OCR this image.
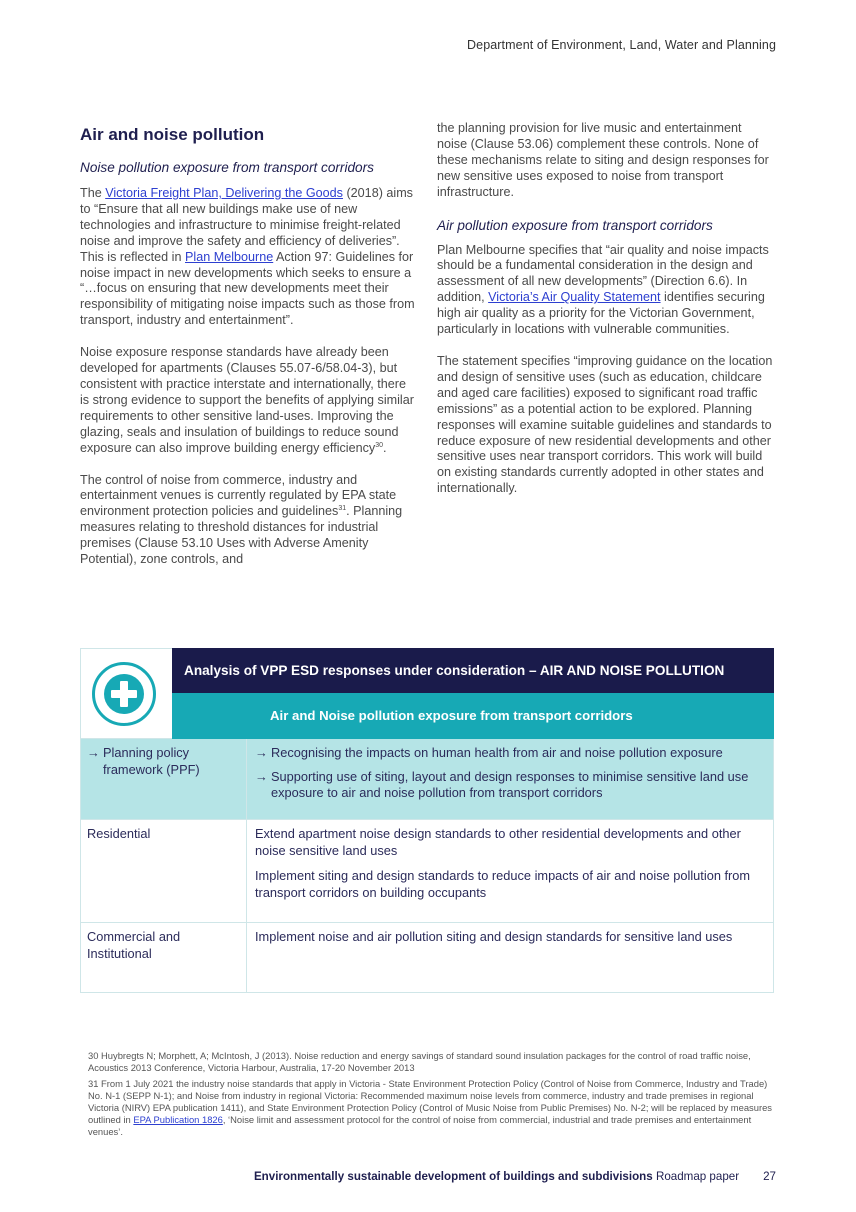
Department of Environment, Land, Water and Planning
Air and noise pollution
Noise pollution exposure from transport corridors

The Victoria Freight Plan, Delivering the Goods (2018) aims to “Ensure that all new buildings make use of new technologies and infrastructure to minimise freight-related noise and improve the safety and efficiency of deliveries”. This is reflected in Plan Melbourne Action 97: Guidelines for noise impact in new developments which seeks to ensure a “…focus on ensuring that new developments meet their responsibility of mitigating noise impacts such as those from transport, industry and entertainment”.

Noise exposure response standards have already been developed for apartments (Clauses 55.07-6/58.04-3), but consistent with practice interstate and internationally, there is strong evidence to support the benefits of applying similar requirements to other sensitive land-uses. Improving the glazing, seals and insulation of buildings to reduce sound exposure can also improve building energy efficiency$^{30}$.

The control of noise from commerce, industry and entertainment venues is currently regulated by EPA state environment protection policies and guidelines$^{31}$. Planning measures relating to threshold distances for industrial premises (Clause 53.10 Uses with Adverse Amenity Potential), zone controls, and

the planning provision for live music and entertainment noise (Clause 53.06) complement these controls. None of these mechanisms relate to siting and design responses for new sensitive uses exposed to noise from transport infrastructure.

Air pollution exposure from transport corridors

Plan Melbourne specifies that “air quality and noise impacts should be a fundamental consideration in the design and assessment of all new developments” (Direction 6.6). In addition, Victoria’s Air Quality Statement identifies securing high air quality as a priority for the Victorian Government, particularly in locations with vulnerable communities.

The statement specifies “improving guidance on the location and design of sensitive uses (such as education, childcare and aged care facilities) exposed to significant road traffic emissions” as a potential action to be explored. Planning responses will examine suitable guidelines and standards to reduce exposure of new residential developments and other sensitive uses near transport corridors. This work will build on existing standards currently adopted in other states and internationally.

Analysis of VPP ESD responses under consideration – AIR AND NOISE POLLUTION
Air and Noise pollution exposure from transport corridors
→ Planning policy framework (PPF)
→ Recognising the impacts on human health from air and noise pollution exposure
→ Supporting use of siting, layout and design responses to minimise sensitive land use exposure to air and noise pollution from transport corridors
Residential	Extend apartment noise design standards to other residential developments and other noise sensitive land uses

Implement siting and design standards to reduce impacts of air and noise pollution from transport corridors on building occupants

Commercial and Institutional

Implement noise and air pollution siting and design standards for sensitive land uses

30 Huybregts N; Morphett, A; McIntosh, J (2013). Noise reduction and energy savings of standard sound insulation packages for the control of road traffic noise, Acoustics 2013 Conference, Victoria Harbour, Australia, 17-20 November 2013
31 From 1 July 2021 the industry noise standards that apply in Victoria - State Environment Protection Policy (Control of Noise from Commerce, Industry and Trade) No. N-1 (SEPP N-1); and Noise from industry in regional Victoria: Recommended maximum noise levels from commerce, industry and trade premises in regional Victoria (NIRV) EPA publication 1411), and State Environment Protection Policy (Control of Music Noise from Public Premises) No. N-2; will be replaced by measures outlined in EPA Publication 1826, ‘Noise limit and assessment protocol for the control of noise from commercial, industrial and trade premises and entertainment venues’.
Environmentally sustainable development of buildings and subdivisions Roadmap paper 27
